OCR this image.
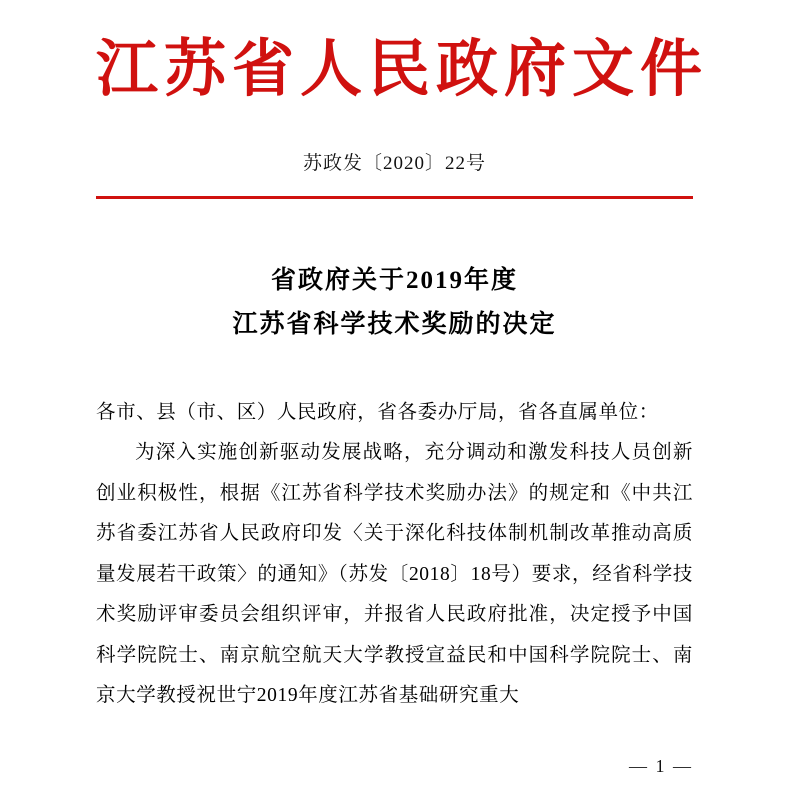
江苏省人民政府文件
苏政发〔2020〕22号
省政府关于2019年度
江苏省科学技术奖励的决定

各市、县（市、区）人民政府，省各委办厅局，省各直属单位：

为深入实施创新驱动发展战略，充分调动和激发科技人员创新创业积极性，根据《江苏省科学技术奖励办法》的规定和《中共江苏省委江苏省人民政府印发〈关于深化科技体制机制改革推动高质量发展若干政策〉的通知》（苏发〔2018〕18号）要求，经省科学技术奖励评审委员会组织评审，并报省人民政府批准，决定授予中国科学院院士、南京航空航天大学教授宣益民和中国科学院院士、南京大学教授祝世宁2019年度江苏省基础研究重大

— 1 —
